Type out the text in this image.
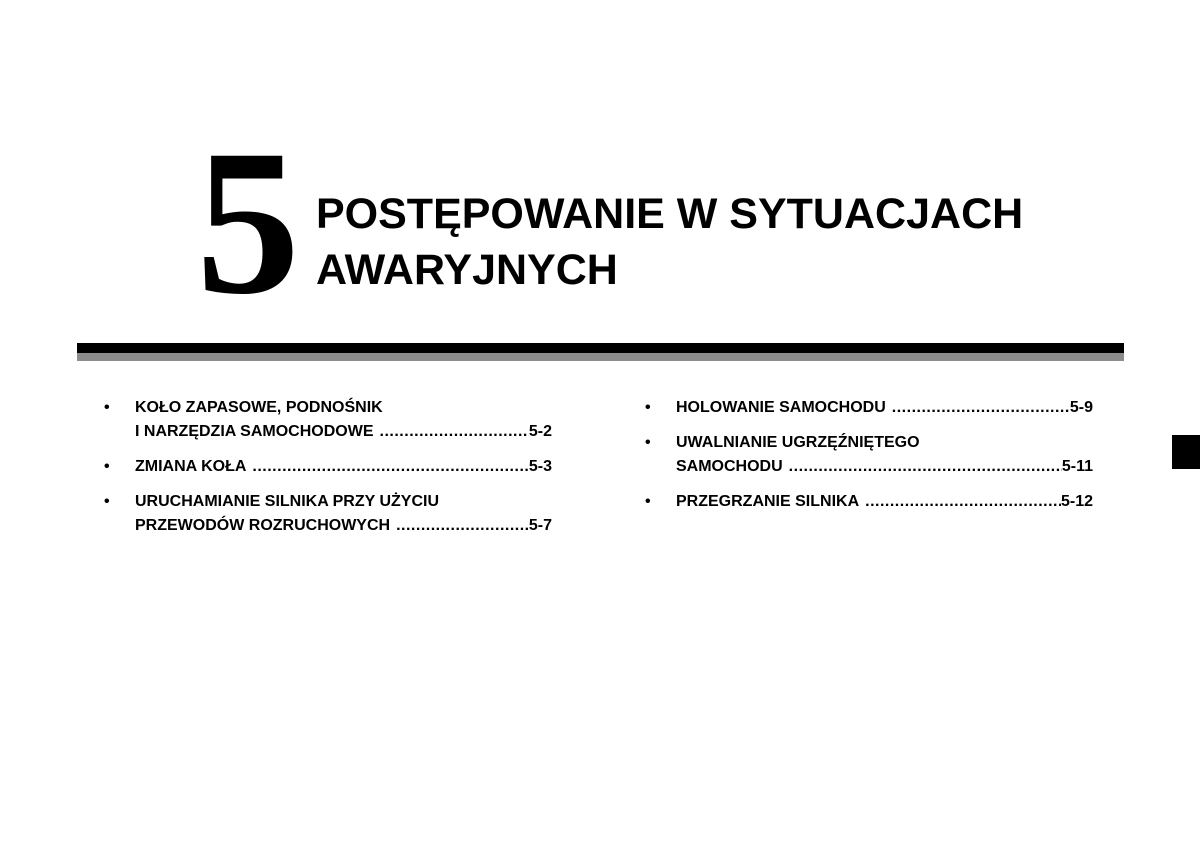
5 POSTĘPOWANIE W SYTUACJACH
AWARYJNYCH
•	KOŁO ZAPASOWE, PODNOŚNIK
I NARZĘDZIA SAMOCHODOWE .....	5-2
•	ZMIANA KOŁA .....	5-3
•	URUCHAMIANIE SILNIKA PRZY UŻYCIU
PRZEWODÓW ROZRUCHOWYCH .....	5-7
•	HOLOWANIE SAMOCHODU .....	5-9
•	UWALNIANIE UGRZĘŹNIĘTEGO
SAMOCHODU .....	5-11
•	PRZEGRZANIE SILNIKA .....	5-12
